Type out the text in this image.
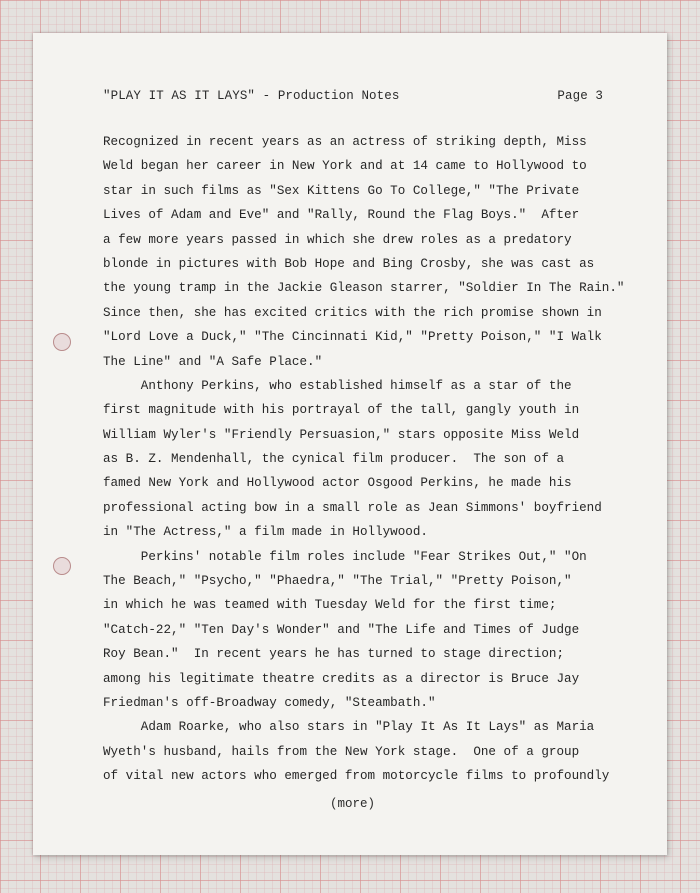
"PLAY IT AS IT LAYS" - Production Notes	Page 3
Recognized in recent years as an actress of striking depth, Miss
Weld began her career in New York and at 14 came to Hollywood to
star in such films as "Sex Kittens Go To College," "The Private
Lives of Adam and Eve" and "Rally, Round the Flag Boys."  After
a few more years passed in which she drew roles as a predatory
blonde in pictures with Bob Hope and Bing Crosby, she was cast as
the young tramp in the Jackie Gleason starrer, "Soldier In The Rain."
Since then, she has excited critics with the rich promise shown in
"Lord Love a Duck," "The Cincinnati Kid," "Pretty Poison," "I Walk
The Line" and "A Safe Place."
Anthony Perkins, who established himself as a star of the
first magnitude with his portrayal of the tall, gangly youth in
William Wyler's "Friendly Persuasion," stars opposite Miss Weld
as B. Z. Mendenhall, the cynical film producer.  The son of a
famed New York and Hollywood actor Osgood Perkins, he made his
professional acting bow in a small role as Jean Simmons' boyfriend
in "The Actress," a film made in Hollywood.
Perkins' notable film roles include "Fear Strikes Out," "On
The Beach," "Psycho," "Phaedra," "The Trial," "Pretty Poison,"
in which he was teamed with Tuesday Weld for the first time;
"Catch-22," "Ten Day's Wonder" and "The Life and Times of Judge
Roy Bean."  In recent years he has turned to stage direction;
among his legitimate theatre credits as a director is Bruce Jay
Friedman's off-Broadway comedy, "Steambath."
Adam Roarke, who also stars in "Play It As It Lays" as Maria
Wyeth's husband, hails from the New York stage.  One of a group
of vital new actors who emerged from motorcycle films to profoundly
(more)
